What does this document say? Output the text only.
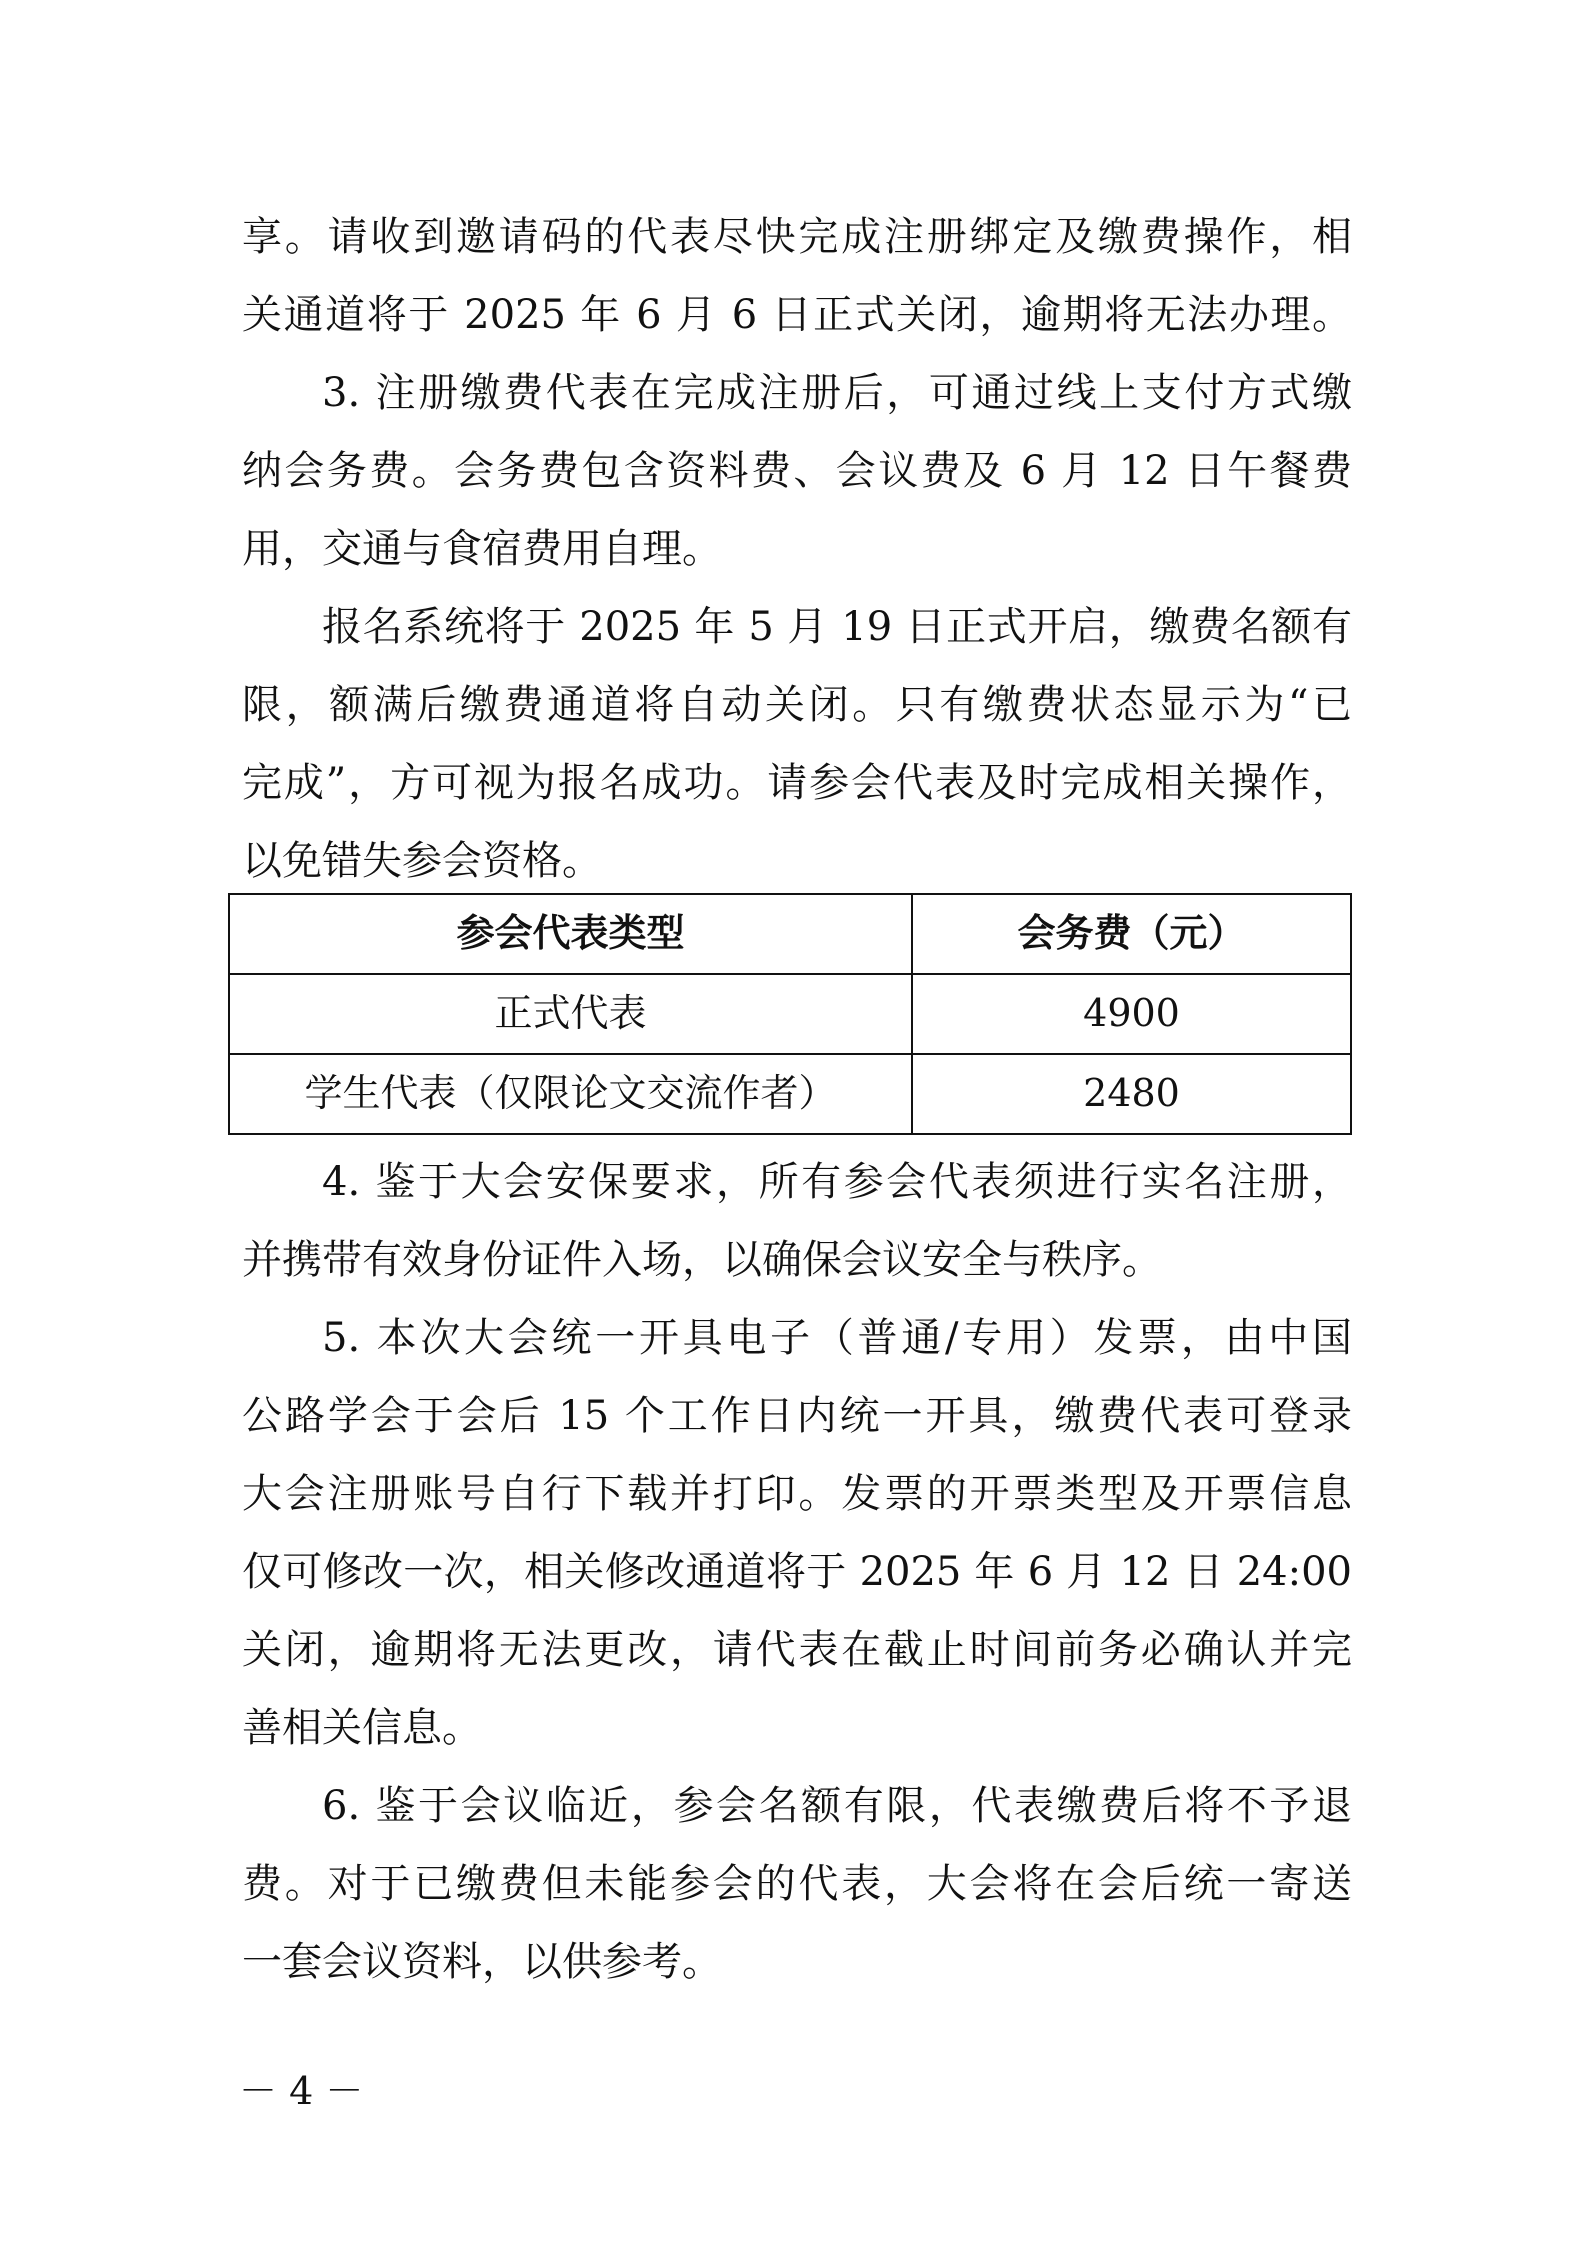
享。请收到邀请码的代表尽快完成注册绑定及缴费操作，相
关通道将于 2025 年 6 月 6 日正式关闭，逾期将无法办理。
3. 注册缴费代表在完成注册后，可通过线上支付方式缴
纳会务费。会务费包含资料费、会议费及 6 月 12 日午餐费
用，交通与食宿费用自理。
报名系统将于 2025 年 5 月 19 日正式开启，缴费名额有
限，额满后缴费通道将自动关闭。只有缴费状态显示为“已
完成”，方可视为报名成功。请参会代表及时完成相关操作，
以免错失参会资格。
参会代表类型	会务费（元）
正式代表	4900
学生代表（仅限论文交流作者）	2480
4. 鉴于大会安保要求，所有参会代表须进行实名注册，
并携带有效身份证件入场，以确保会议安全与秩序。
5. 本次大会统一开具电子（普通/专用）发票，由中国
公路学会于会后 15 个工作日内统一开具，缴费代表可登录
大会注册账号自行下载并打印。发票的开票类型及开票信息
仅可修改一次，相关修改通道将于 2025 年 6 月 12 日 24:00
关闭，逾期将无法更改，请代表在截止时间前务必确认并完
善相关信息。
6. 鉴于会议临近，参会名额有限，代表缴费后将不予退
费。对于已缴费但未能参会的代表，大会将在会后统一寄送
一套会议资料，以供参考。
－ 4 －
